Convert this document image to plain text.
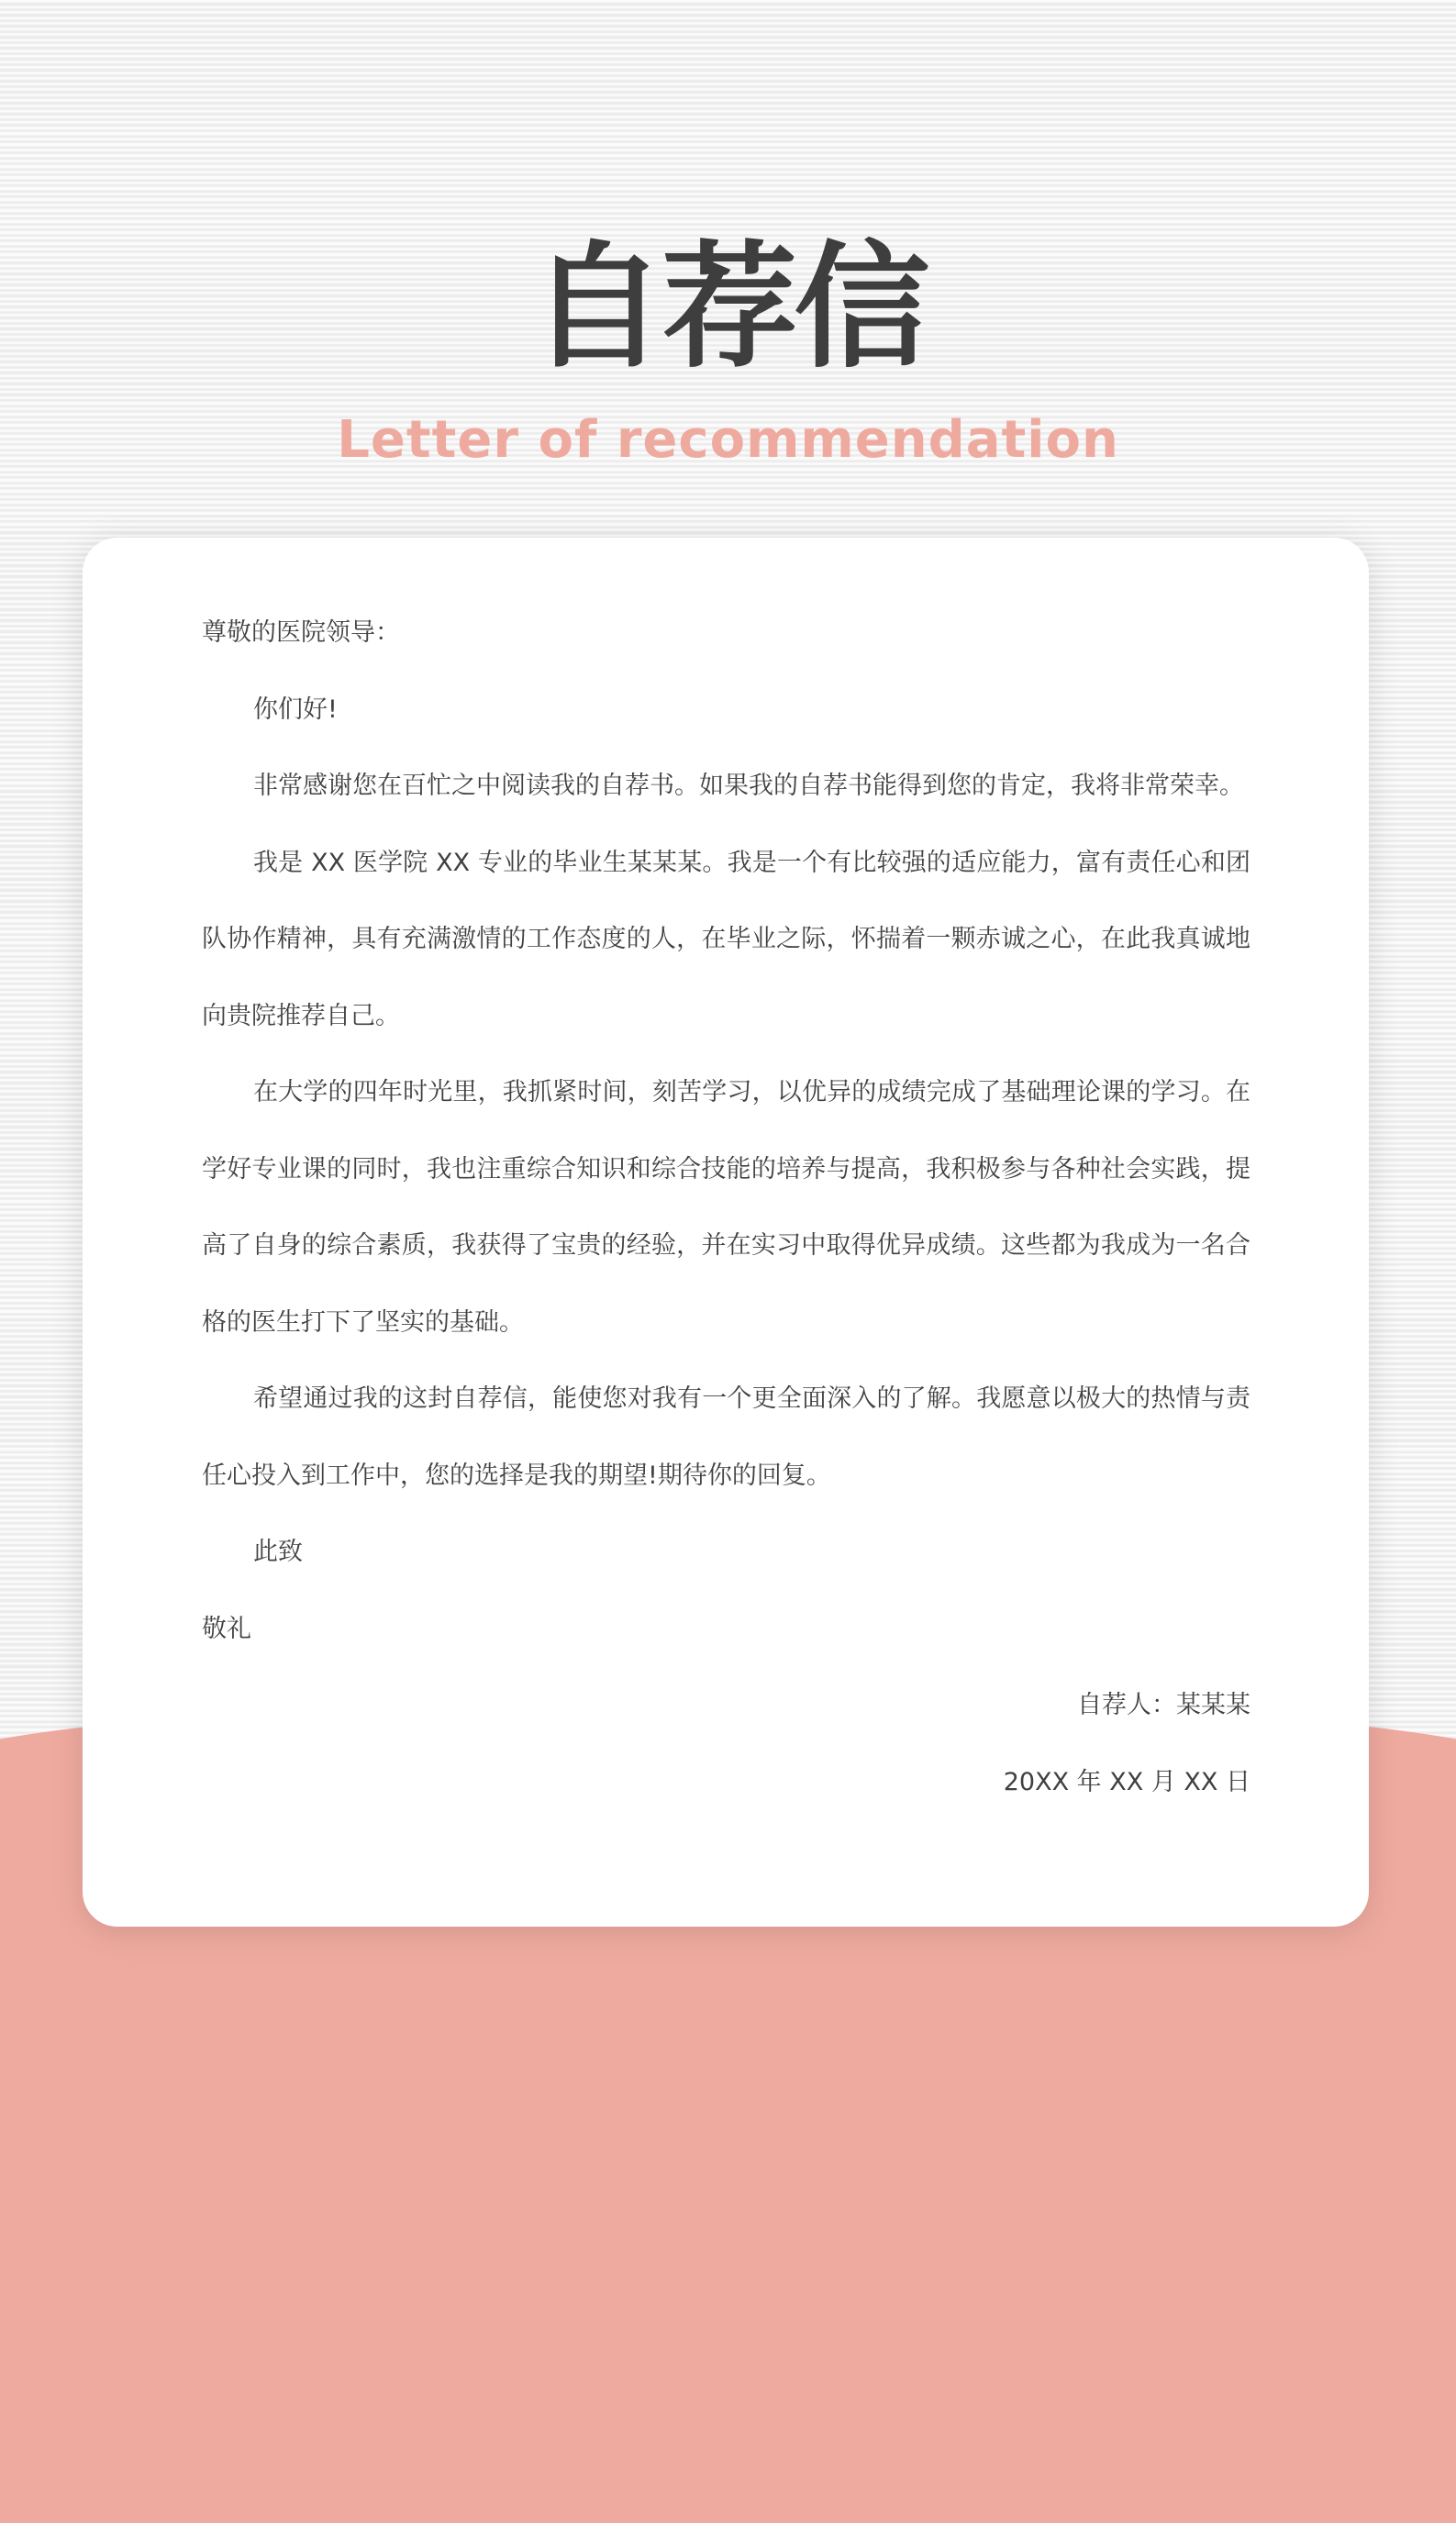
自荐信
Letter of recommendation

尊敬的医院领导：

你们好!

非常感谢您在百忙之中阅读我的自荐书。如果我的自荐书能得到您的肯定，我将非常荣幸。

我是 XX 医学院 XX 专业的毕业生某某某。我是一个有比较强的适应能力，富有责任心和团队协作精神，具有充满激情的工作态度的人，在毕业之际，怀揣着一颗赤诚之心，在此我真诚地向贵院推荐自己。

在大学的四年时光里，我抓紧时间，刻苦学习，以优异的成绩完成了基础理论课的学习。在学好专业课的同时，我也注重综合知识和综合技能的培养与提高，我积极参与各种社会实践，提高了自身的综合素质，我获得了宝贵的经验，并在实习中取得优异成绩。这些都为我成为一名合格的医生打下了坚实的基础。

希望通过我的这封自荐信，能使您对我有一个更全面深入的了解。我愿意以极大的热情与责任心投入到工作中，您的选择是我的期望!期待你的回复。

此致

敬礼

自荐人：某某某

20XX 年 XX 月 XX 日
